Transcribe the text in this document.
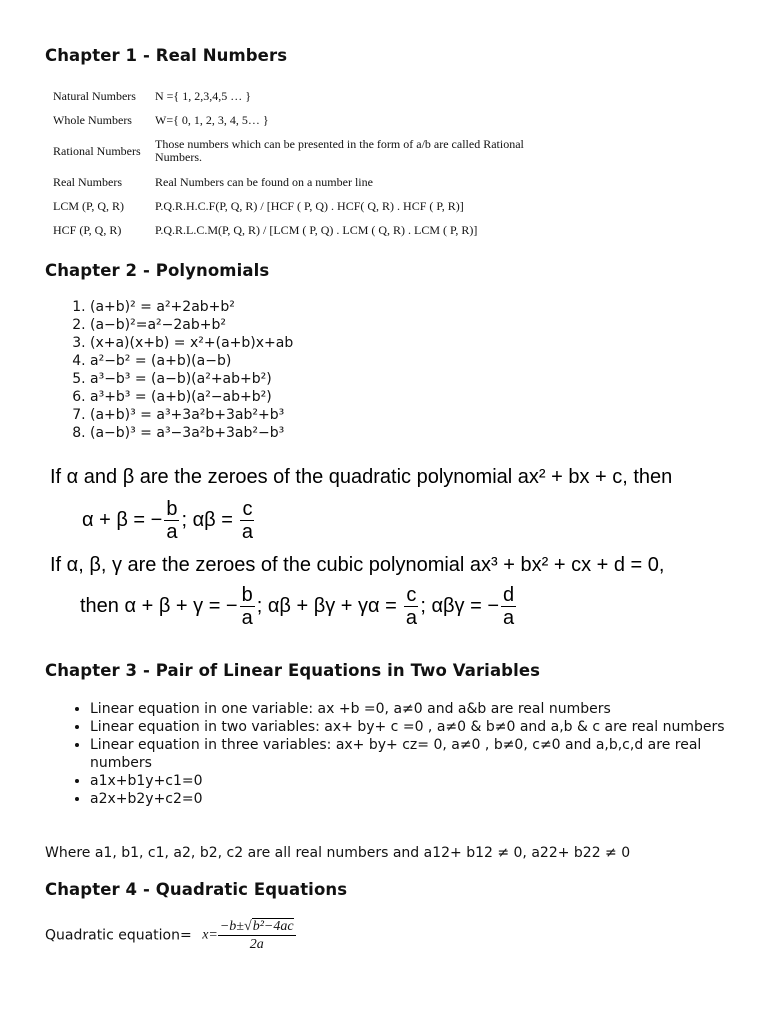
Chapter 1 - Real Numbers
Natural Numbers	N ={ 1, 2,3,4,5 … }
Whole Numbers	W={ 0, 1, 2, 3, 4, 5… }
Rational Numbers	Those numbers which can be presented in the form of a/b are called Rational Numbers.
Real Numbers	Real Numbers can be found on a number line
LCM (P, Q, R)	P.Q.R.H.C.F(P, Q, R) / [HCF ( P, Q) . HCF( Q, R) . HCF ( P, R)]
HCF (P, Q, R)	P.Q.R.L.C.M(P, Q, R) / [LCM ( P, Q) . LCM ( Q, R) . LCM ( P, R)]
Chapter 2 - Polynomials
1. (a+b)² = a²+2ab+b²
2. (a−b)²=a²−2ab+b²
3. (x+a)(x+b) = x²+(a+b)x+ab
4. a²−b² = (a+b)(a−b)
5. a³−b³ = (a−b)(a²+ab+b²)
6. a³+b³ = (a+b)(a²−ab+b²)
7. (a+b)³ = a³+3a²b+3ab²+b³
8. (a−b)³ = a³−3a²b+3ab²−b³
If α and β are the zeroes of the quadratic polynomial ax² + bx + c, then
α + β = − $\frac{b}{a}$ ; $\alpha\beta = \frac{c}{a}$
If α, β, γ are the zeroes of the cubic polynomial ax³ + bx² + cx + d = 0,
then α + β + γ = − $\frac{b}{a}$ ; $\alpha\beta + \beta\gamma + \gamma\alpha = \frac{c}{a}$ ; αβγ = − $\frac{d}{a}$
Chapter 3 - Pair of Linear Equations in Two Variables
• Linear equation in one variable: ax +b =0, a≠0 and a&b are real numbers
• Linear equation in two variables: ax+ by+ c =0 , a≠0 & b≠0 and a,b & c are real numbers
• Linear equation in three variables: ax+ by+ cz= 0, a≠0 , b≠0, c≠0 and a,b,c,d are real numbers
• a1x+b1y+c1=0
• a2x+b2y+c2=0
Where a1, b1, c1, a2, b2, c2 are all real numbers and a12+ b12 ≠ 0, a22+ b22 ≠ 0
Chapter 4 - Quadratic Equations
Quadratic equation= $x= \frac{\text{−b±√b²−4ac}}{2a}$
